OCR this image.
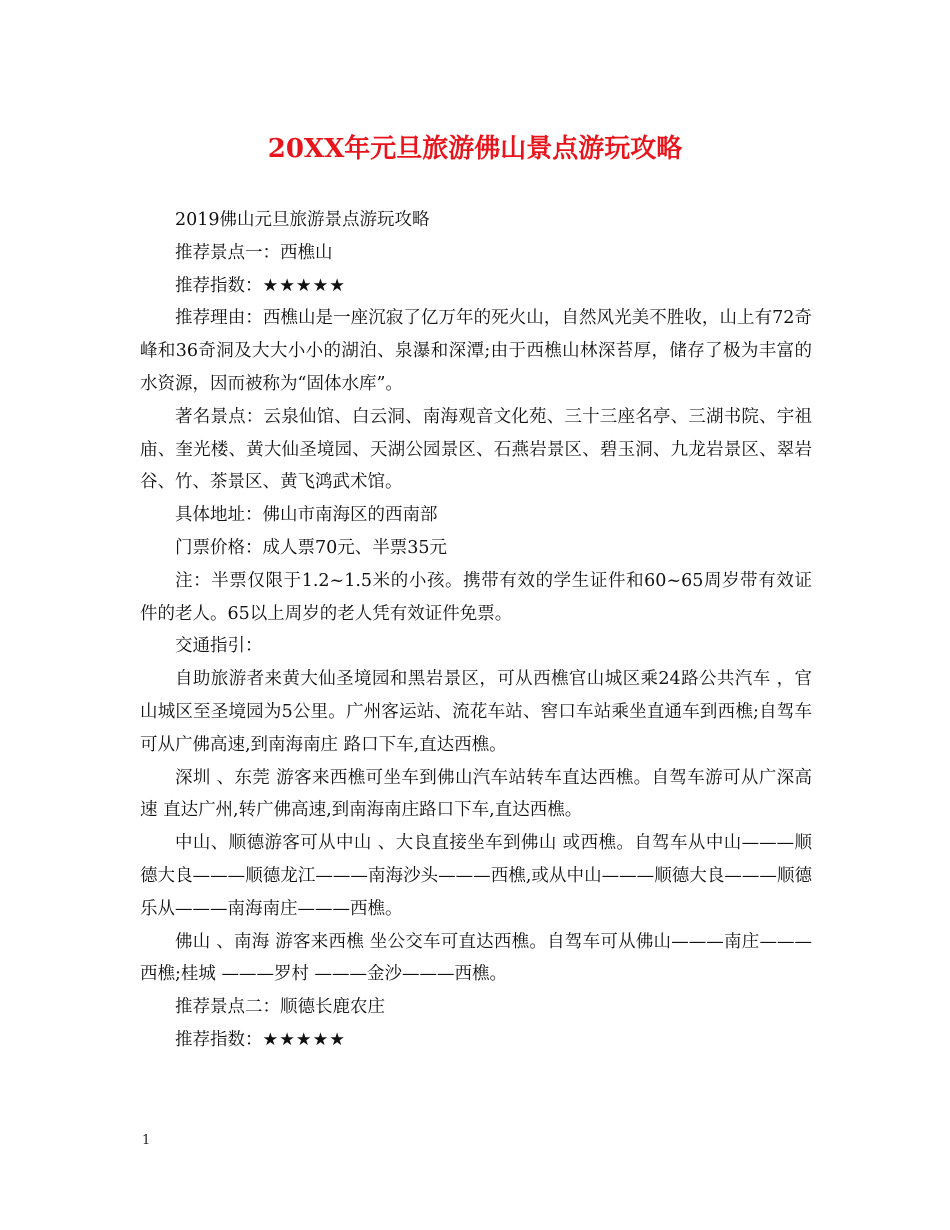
20XX年元旦旅游佛山景点游玩攻略

2019佛山元旦旅游景点游玩攻略

推荐景点一：西樵山

推荐指数：★★★★★

推荐理由：西樵山是一座沉寂了亿万年的死火山，自然风光美不胜收，山上有72奇峰和36奇洞及大大小小的湖泊、泉瀑和深潭;由于西樵山林深苔厚，储存了极为丰富的水资源，因而被称为“固体水库”。

著名景点：云泉仙馆、白云洞、南海观音文化苑、三十三座名亭、三湖书院、宇祖庙、奎光楼、黄大仙圣境园、天湖公园景区、石燕岩景区、碧玉洞、九龙岩景区、翠岩谷、竹、茶景区、黄飞鸿武术馆。

具体地址：佛山市南海区的西南部

门票价格：成人票70元、半票35元

注：半票仅限于1.2~1.5米的小孩。携带有效的学生证件和60~65周岁带有效证件的老人。65以上周岁的老人凭有效证件免票。

交通指引：

自助旅游者来黄大仙圣境园和黑岩景区，可从西樵官山城区乘24路公共汽车 ，官山城区至圣境园为5公里。广州客运站、流花车站、窖口车站乘坐直通车到西樵;自驾车可从广佛高速,到南海南庄 路口下车,直达西樵。

深圳 、东莞 游客来西樵可坐车到佛山汽车站转车直达西樵。自驾车游可从广深高速 直达广州,转广佛高速,到南海南庄路口下车,直达西樵。

中山、顺德游客可从中山 、大良直接坐车到佛山 或西樵。自驾车从中山———顺德大良———顺德龙江———南海沙头———西樵,或从中山———顺德大良———顺德乐从———南海南庄———西樵。

佛山 、南海 游客来西樵 坐公交车可直达西樵。自驾车可从佛山———南庄———西樵;桂城 ———罗村 ———金沙———西樵。

推荐景点二：顺德长鹿农庄

推荐指数：★★★★★

1
